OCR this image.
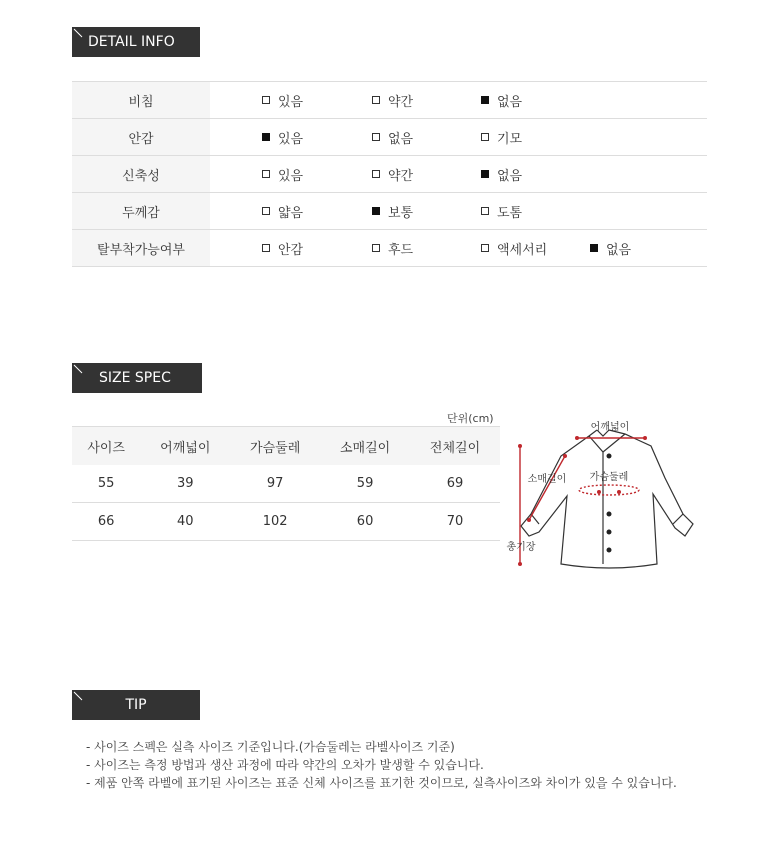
DETAIL INFO
비침	있음	약간	없음
안감	있음	없음	기모
신축성	있음	약간	없음
두께감	얇음	보통	도톰
탈부착가능여부	안감	후드	액세서리	없음
SIZE SPEC
단위(cm)
사이즈	어깨넓이	가슴둘레	소매길이	전체길이
55	39	97	59	69
66	40	102	60	70
어깨넓이
가슴둘레
소매길이
총기장
TIP
- 사이즈 스펙은 실측 사이즈 기준입니다.(가슴둘레는 라벨사이즈 기준)
- 사이즈는 측정 방법과 생산 과정에 따라 약간의 오차가 발생할 수 있습니다.
- 제품 안쪽 라벨에 표기된 사이즈는 표준 신체 사이즈를 표기한 것이므로, 실측사이즈와 차이가 있을 수 있습니다.
